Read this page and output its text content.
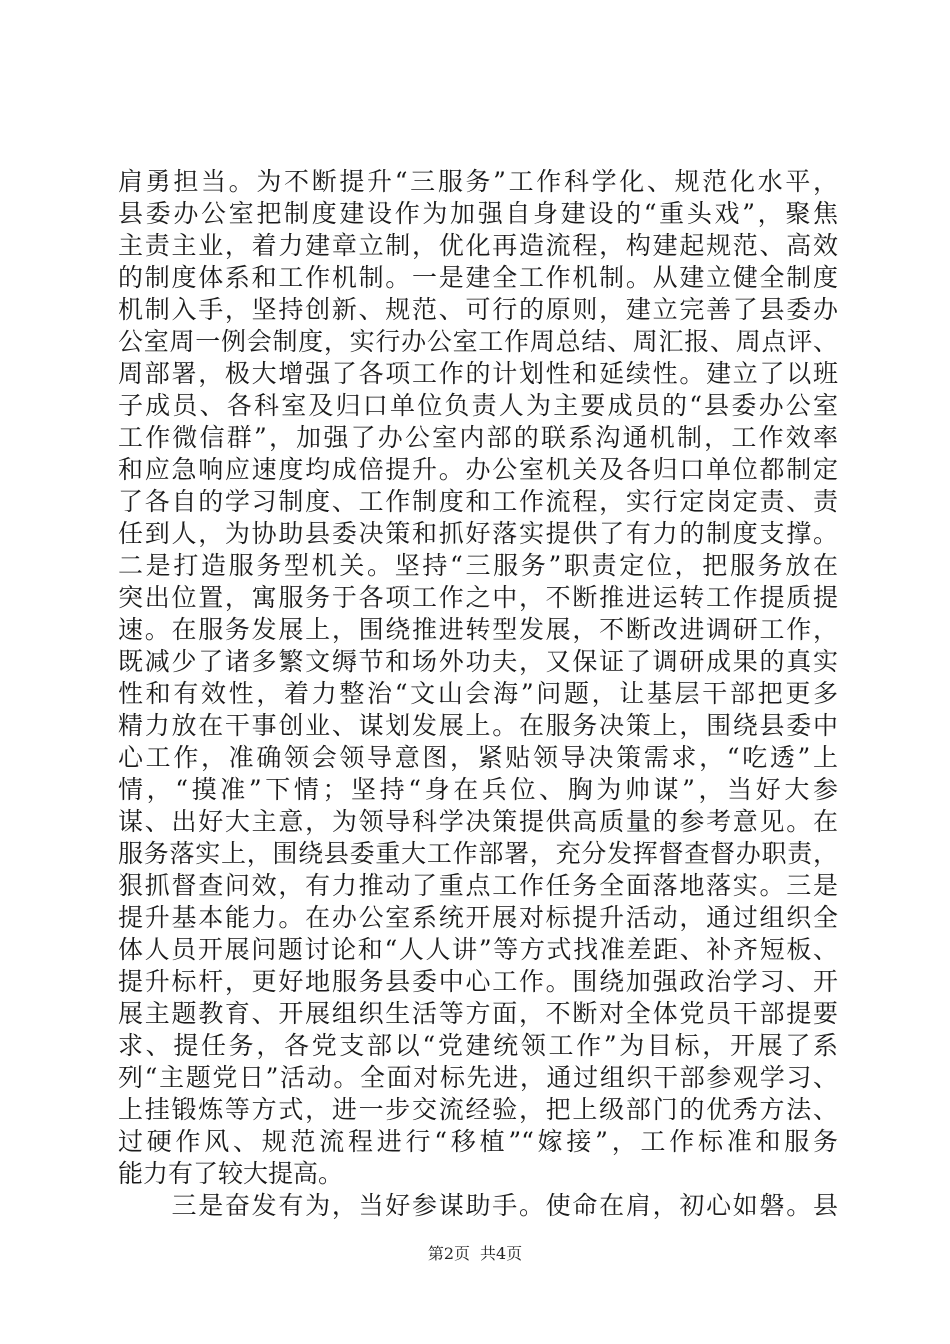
肩勇担当。为不断提升“三服务”工作科学化、规范化水平，
县委办公室把制度建设作为加强自身建设的“重头戏”，聚焦
主责主业，着力建章立制，优化再造流程，构建起规范、高效
的制度体系和工作机制。一是建全工作机制。从建立健全制度
机制入手，坚持创新、规范、可行的原则，建立完善了县委办
公室周一例会制度，实行办公室工作周总结、周汇报、周点评、
周部署，极大增强了各项工作的计划性和延续性。建立了以班
子成员、各科室及归口单位负责人为主要成员的“县委办公室
工作微信群”，加强了办公室内部的联系沟通机制，工作效率
和应急响应速度均成倍提升。办公室机关及各归口单位都制定
了各自的学习制度、工作制度和工作流程，实行定岗定责、责
任到人，为协助县委决策和抓好落实提供了有力的制度支撑。
二是打造服务型机关。坚持“三服务”职责定位，把服务放在
突出位置，寓服务于各项工作之中，不断推进运转工作提质提
速。在服务发展上，围绕推进转型发展，不断改进调研工作，
既减少了诸多繁文缛节和场外功夫，又保证了调研成果的真实
性和有效性，着力整治“文山会海”问题，让基层干部把更多
精力放在干事创业、谋划发展上。在服务决策上，围绕县委中
心工作，准确领会领导意图，紧贴领导决策需求，“吃透”上
情，“摸准”下情；坚持“身在兵位、胸为帅谋”，当好大参
谋、出好大主意，为领导科学决策提供高质量的参考意见。在
服务落实上，围绕县委重大工作部署，充分发挥督查督办职责，
狠抓督查问效，有力推动了重点工作任务全面落地落实。三是
提升基本能力。在办公室系统开展对标提升活动，通过组织全
体人员开展问题讨论和“人人讲”等方式找准差距、补齐短板、
提升标杆，更好地服务县委中心工作。围绕加强政治学习、开
展主题教育、开展组织生活等方面，不断对全体党员干部提要
求、提任务，各党支部以“党建统领工作”为目标，开展了系
列“主题党日”活动。全面对标先进，通过组织干部参观学习、
上挂锻炼等方式，进一步交流经验，把上级部门的优秀方法、
过硬作风、规范流程进行“移植”“嫁接”，工作标准和服务
能力有了较大提高。
　　三是奋发有为，当好参谋助手。使命在肩，初心如磐。县
第2页 共4页
